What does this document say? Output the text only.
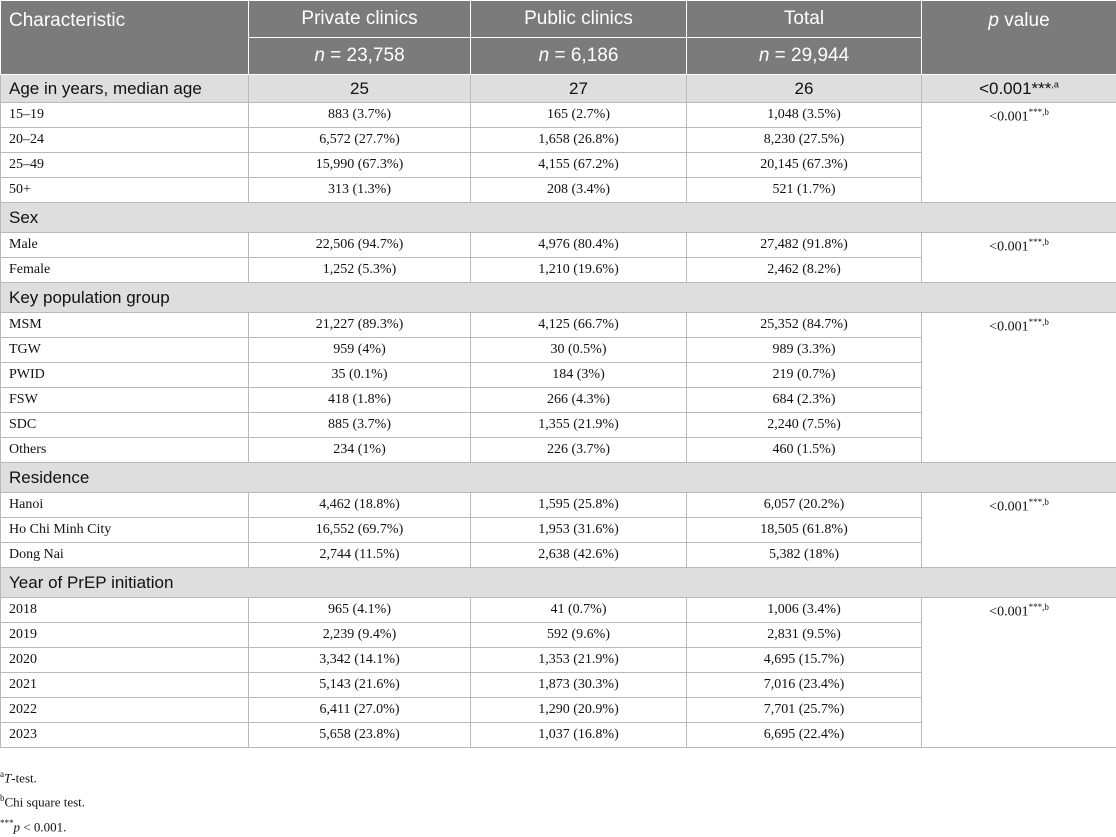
Characteristic	Private clinics	Public clinics	Total	p value
	n = 23,758	n = 6,186	n = 29,944	
Age in years, median age	25	27	26	<0.001***$^{,a}$
15–19	883 (3.7%)	165 (2.7%)	1,048 (3.5%)	$<0.001^{***,b}$
20–24	6,572 (27.7%)	1,658 (26.8%)	8,230 (27.5%)	
25–49	15,990 (67.3%)	4,155 (67.2%)	20,145 (67.3%)	
50+	313 (1.3%)	208 (3.4%)	521 (1.7%)	
Sex				
Male	22,506 (94.7%)	4,976 (80.4%)	27,482 (91.8%)	$<0.001^{***,b}$
Female	1,252 (5.3%)	1,210 (19.6%)	2,462 (8.2%)	
Key population group				
MSM	21,227 (89.3%)	4,125 (66.7%)	25,352 (84.7%)	$<0.001^{***,b}$
TGW	959 (4%)	30 (0.5%)	989 (3.3%)	
PWID	35 (0.1%)	184 (3%)	219 (0.7%)	
FSW	418 (1.8%)	266 (4.3%)	684 (2.3%)	
SDC	885 (3.7%)	1,355 (21.9%)	2,240 (7.5%)	
Others	234 (1%)	226 (3.7%)	460 (1.5%)	
Residence				
Hanoi	4,462 (18.8%)	1,595 (25.8%)	6,057 (20.2%)	$<0.001^{***,b}$
Ho Chi Minh City	16,552 (69.7%)	1,953 (31.6%)	18,505 (61.8%)	
Dong Nai	2,744 (11.5%)	2,638 (42.6%)	5,382 (18%)	
Year of PrEP initiation				
2018	965 (4.1%)	41 (0.7%)	1,006 (3.4%)	$<0.001^{***,b}$
2019	2,239 (9.4%)	592 (9.6%)	2,831 (9.5%)	
2020	3,342 (14.1%)	1,353 (21.9%)	4,695 (15.7%)	
2021	5,143 (21.6%)	1,873 (30.3%)	7,016 (23.4%)	
2022	6,411 (27.0%)	1,290 (20.9%)	7,701 (25.7%)	
2023	5,658 (23.8%)	1,037 (16.8%)	6,695 (22.4%)	
$^a$T-test.
$^b$Chi square test.
***p < 0.001.
